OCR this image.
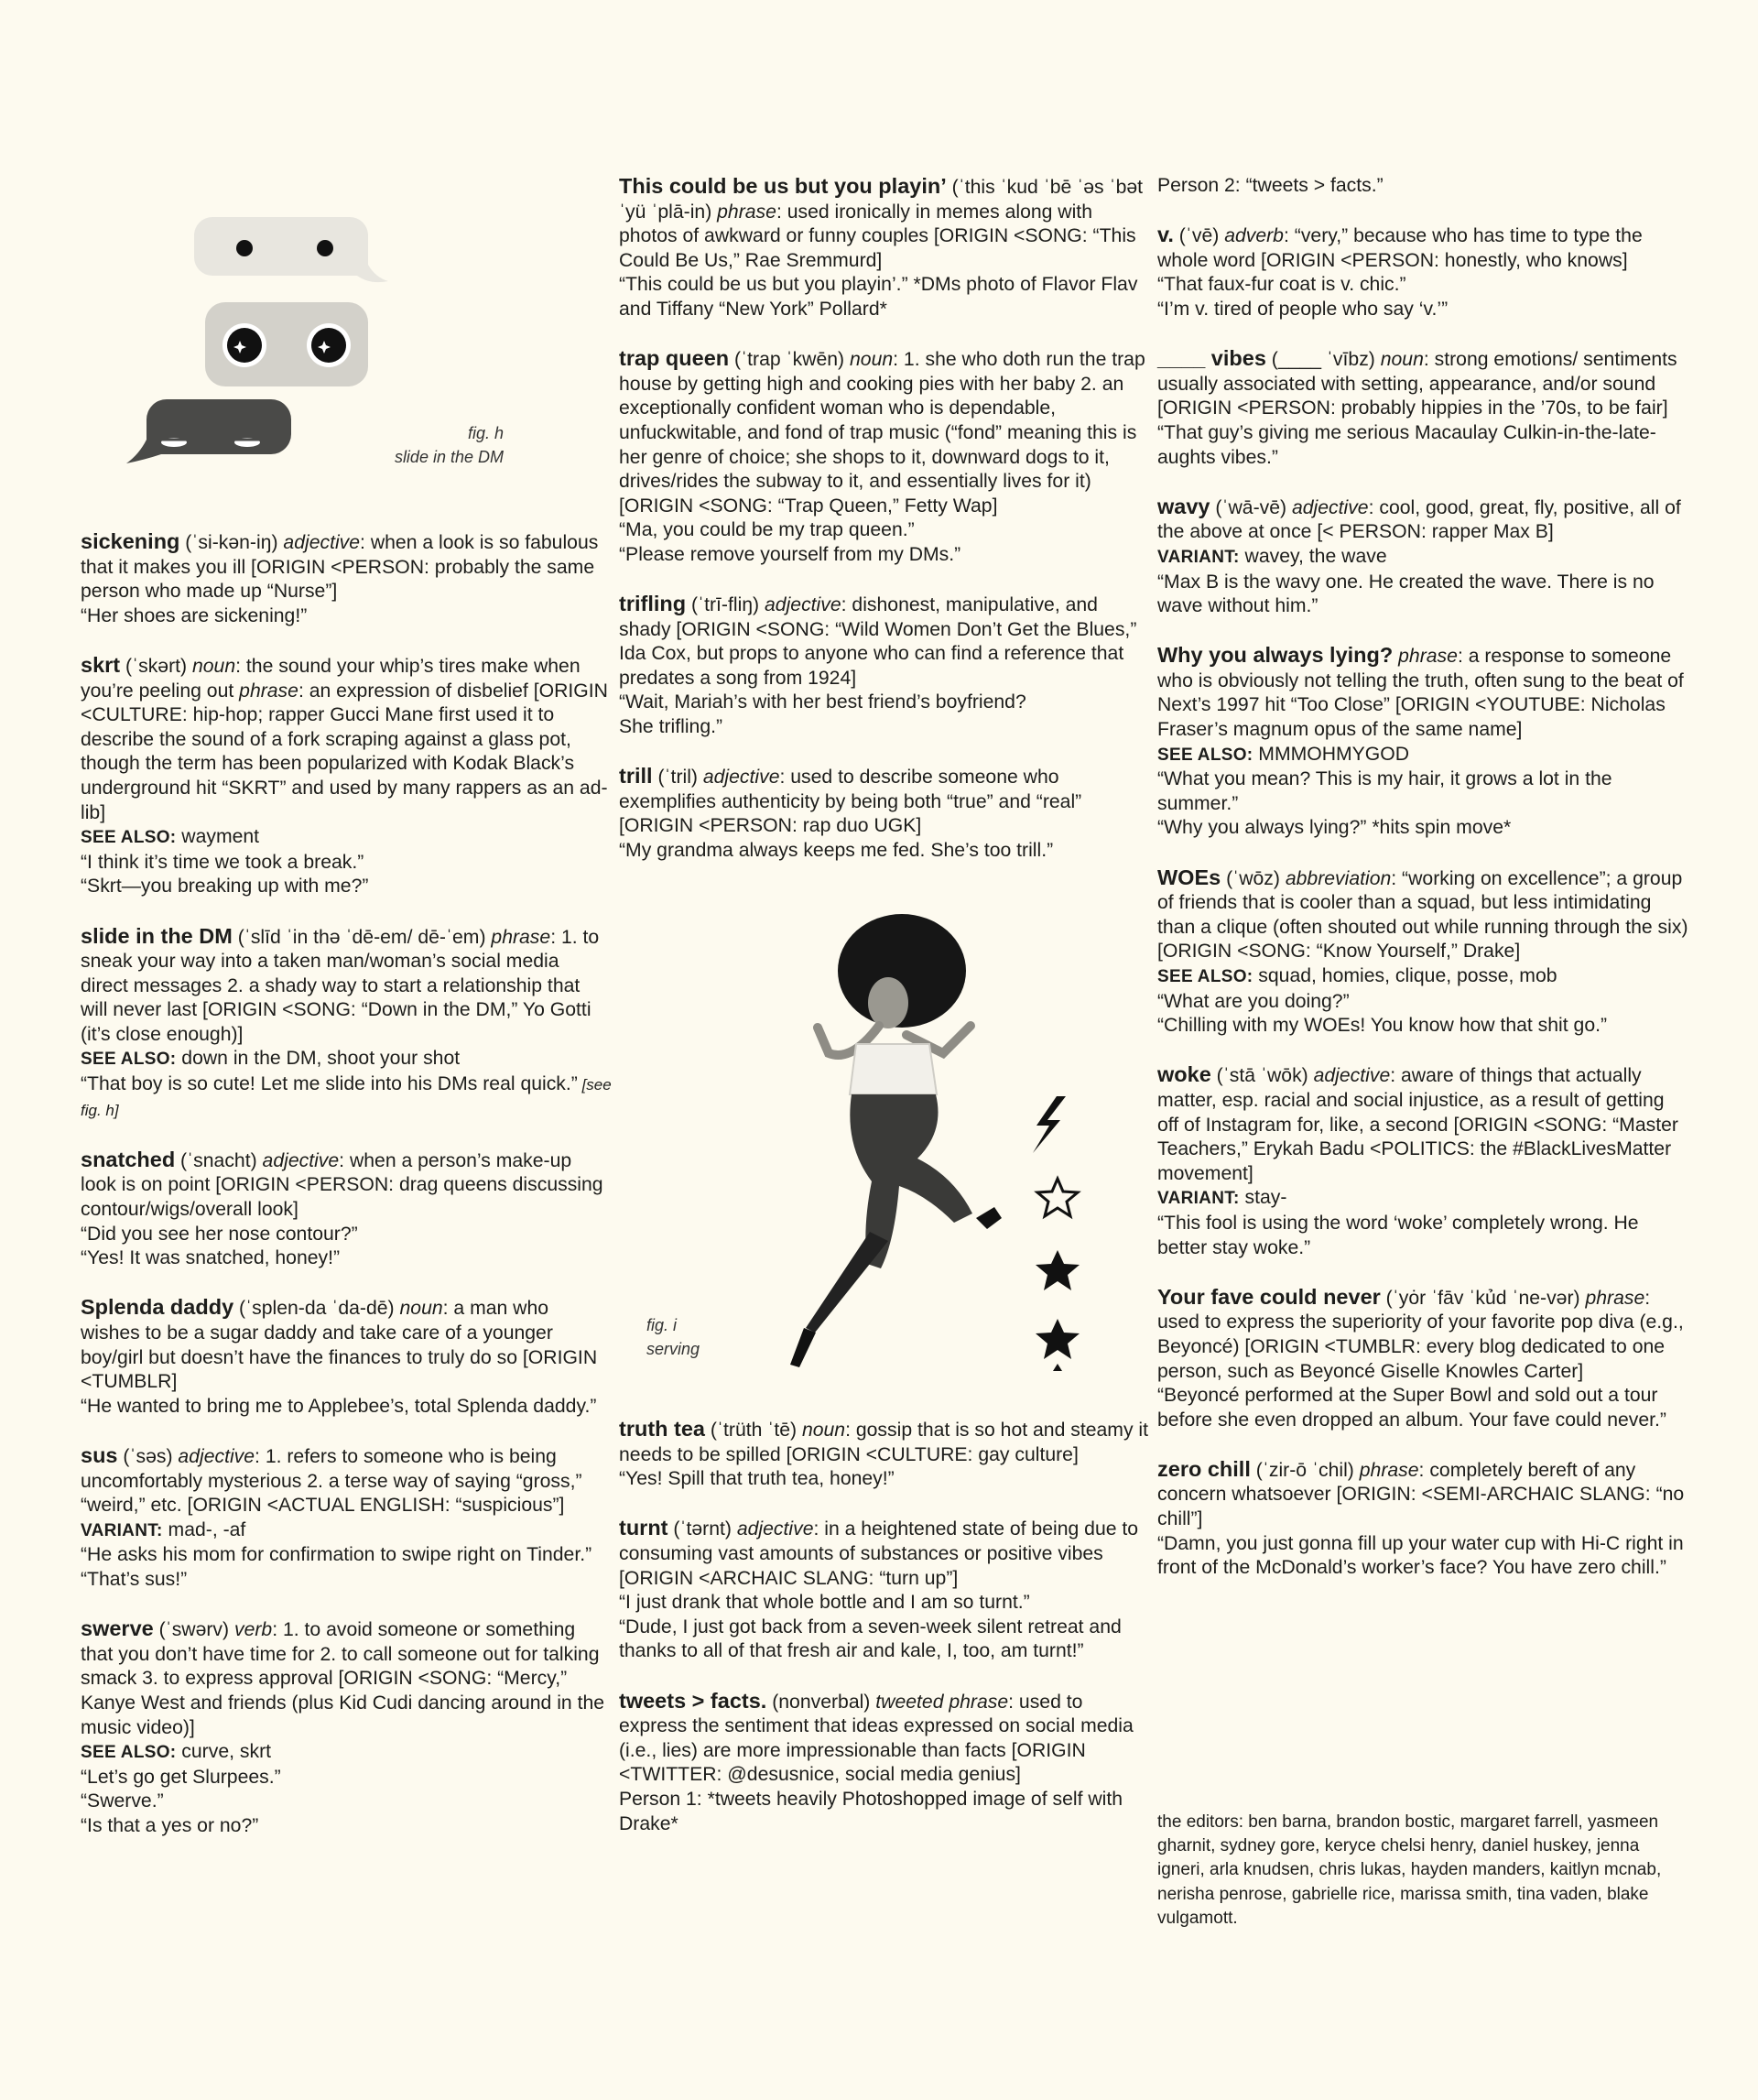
fig. h
slide in the DM
fig. i
serving

sickening (ˈsi-kən-iŋ) adjective: when a look is so fabulous that it makes you ill [ORIGIN <PERSON: probably the same person who made up “Nurse”]

“Her shoes are sickening!”

skrt (ˈskərt) noun: the sound your whip’s tires make when you’re peeling out phrase: an expression of disbelief [ORIGIN <CULTURE: hip-hop; rapper Gucci Mane first used it to describe the sound of a fork scraping against a glass pot, though the term has been popularized with Kodak Black’s underground hit “SKRT” and used by many rappers as an ad-lib]

SEE ALSO: wayment

“I think it’s time we took a break.”

“Skrt—you breaking up with me?”

slide in the DM (ˈslīd ˈin thə ˈdē-em/ dē-ˈem) phrase: 1. to sneak your way into a taken man/woman’s social media direct messages 2. a shady way to start a relationship that will never last [ORIGIN <SONG: “Down in the DM,” Yo Gotti (it’s close enough)]

SEE ALSO: down in the DM, shoot your shot

“That boy is so cute! Let me slide into his DMs real quick.” [see fig. h]

snatched (ˈsnacht) adjective: when a person’s make-up look is on point [ORIGIN <PERSON: drag queens discussing contour/wigs/overall look]

“Did you see her nose contour?”

“Yes! It was snatched, honey!”

Splenda daddy (ˈsplen-da ˈda-dē) noun: a man who wishes to be a sugar daddy and take care of a younger boy/girl but doesn’t have the finances to truly do so [ORIGIN <TUMBLR]

“He wanted to bring me to Applebee’s, total Splenda daddy.”

sus (ˈsəs) adjective: 1. refers to someone who is being uncomfortably mysterious 2. a terse way of saying “gross,” “weird,” etc. [ORIGIN <ACTUAL ENGLISH: “suspicious”]

VARIANT: mad-, -af

“He asks his mom for confirmation to swipe right on Tinder.”

“That’s sus!”

swerve (ˈswərv) verb: 1. to avoid someone or something that you don’t have time for 2. to call someone out for talking smack 3. to express approval [ORIGIN <SONG: “Mercy,” Kanye West and friends (plus Kid Cudi dancing around in the music video)]

SEE ALSO: curve, skrt

“Let’s go get Slurpees.”

“Swerve.”

“Is that a yes or no?”

This could be us but you playin’ (ˈthis ˈkud ˈbē ˈəs ˈbət ˈyü ˈplā-in) phrase: used ironically in memes along with photos of awkward or funny couples [ORIGIN <SONG: “This Could Be Us,” Rae Sremmurd]

“This could be us but you playin’.” *DMs photo of Flavor Flav and Tiffany “New York” Pollard*

trap queen (ˈtrap ˈkwēn) noun: 1. she who doth run the trap house by getting high and cooking pies with her baby 2. an exceptionally confident woman who is dependable, unfuckwitable, and fond of trap music (“fond” meaning this is her genre of choice; she shops to it, downward dogs to it, drives/rides the subway to it, and essentially lives for it) [ORIGIN <SONG: “Trap Queen,” Fetty Wap]

“Ma, you could be my trap queen.”

“Please remove yourself from my DMs.”

trifling (ˈtrī-fliŋ) adjective: dishonest, manipulative, and shady [ORIGIN <SONG: “Wild Women Don’t Get the Blues,” Ida Cox, but props to anyone who can find a reference that predates a song from 1924]

“Wait, Mariah’s with her best friend’s boyfriend?

She trifling.”

trill (ˈtril) adjective: used to describe someone who exemplifies authenticity by being both “true” and “real” [ORIGIN <PERSON: rap duo UGK]

“My grandma always keeps me fed. She’s too trill.”

truth tea (ˈtrüth ˈtē) noun: gossip that is so hot and steamy it needs to be spilled [ORIGIN <CULTURE: gay culture]

“Yes! Spill that truth tea, honey!”

turnt (ˈtərnt) adjective: in a heightened state of being due to consuming vast amounts of substances or positive vibes [ORIGIN <ARCHAIC SLANG: “turn up”]

“I just drank that whole bottle and I am so turnt.”

“Dude, I just got back from a seven-week silent retreat and thanks to all of that fresh air and kale, I, too, am turnt!”

tweets > facts. (nonverbal) tweeted phrase: used to express the sentiment that ideas expressed on social media (i.e., lies) are more impressionable than facts [ORIGIN <TWITTER: @desusnice, social media genius]

Person 1: *tweets heavily Photoshopped image of self with Drake*

Person 2: “tweets > facts.”

v. (ˈvē) adverb: “very,” because who has time to type the whole word [ORIGIN <PERSON: honestly, who knows]

“That faux-fur coat is v. chic.”

“I’m v. tired of people who say ‘v.’”

____ vibes (____ ˈvībz) noun: strong emotions/ sentiments usually associated with setting, appearance, and/or sound [ORIGIN <PERSON: probably hippies in the ’70s, to be fair]

“That guy’s giving me serious Macaulay Culkin-in-the-late-aughts vibes.”

wavy (ˈwā-vē) adjective: cool, good, great, fly, positive, all of the above at once [< PERSON: rapper Max B]

VARIANT: wavey, the wave

“Max B is the wavy one. He created the wave. There is no wave without him.”

Why you always lying? phrase: a response to someone who is obviously not telling the truth, often sung to the beat of Next’s 1997 hit “Too Close” [ORIGIN <YOUTUBE: Nicholas Fraser’s magnum opus of the same name]

SEE ALSO: MMMOHMYGOD

“What you mean? This is my hair, it grows a lot in the summer.”

“Why you always lying?” *hits spin move*

WOEs (ˈwōz) abbreviation: “working on excellence”; a group of friends that is cooler than a squad, but less intimidating than a clique (often shouted out while running through the six) [ORIGIN <SONG: “Know Yourself,” Drake]

SEE ALSO: squad, homies, clique, posse, mob

“What are you doing?”

“Chilling with my WOEs! You know how that shit go.”

woke (ˈstā ˈwōk) adjective: aware of things that actually matter, esp. racial and social injustice, as a result of getting off of Instagram for, like, a second [ORIGIN <SONG: “Master Teachers,” Erykah Badu <POLITICS: the #BlackLivesMatter movement]

VARIANT: stay-

“This fool is using the word ‘woke’ completely wrong. He better stay woke.”

Your fave could never (ˈyȯr ˈfāv ˈkủd ˈne-vər) phrase: used to express the superiority of your favorite pop diva (e.g., Beyoncé) [ORIGIN <TUMBLR: every blog dedicated to one person, such as Beyoncé Giselle Knowles Carter]

“Beyoncé performed at the Super Bowl and sold out a tour before she even dropped an album. Your fave could never.”

zero chill (ˈzir-ō ˈchil) phrase: completely bereft of any concern whatsoever [ORIGIN: <SEMI-ARCHAIC SLANG: “no chill”]

“Damn, you just gonna fill up your water cup with Hi-C right in front of the McDonald’s worker’s face? You have zero chill.”

the editors: ben barna, brandon bostic, margaret farrell, yasmeen gharnit, sydney gore, keryce chelsi henry, daniel huskey, jenna igneri, arla knudsen, chris lukas, hayden manders, kaitlyn mcnab, nerisha penrose, gabrielle rice, marissa smith, tina vaden, blake vulgamott.
